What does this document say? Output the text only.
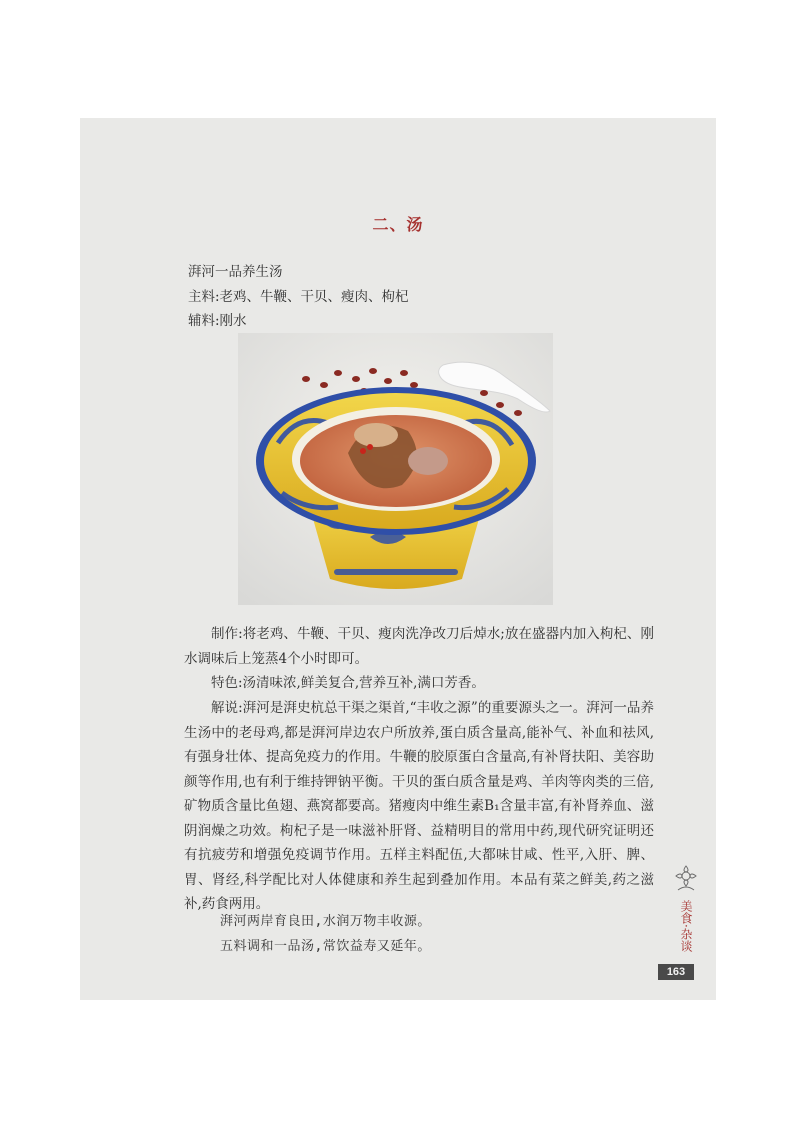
二、汤
湃河一品养生汤
主料:老鸡、牛鞭、干贝、瘦肉、枸杞
辅料:刚水

制作:将老鸡、牛鞭、干贝、瘦肉洗净改刀后焯水;放在盛器内加入枸杞、刚水调味后上笼蒸4个小时即可。

特色:汤清味浓,鲜美复合,营养互补,满口芳香。

解说:湃河是湃史杭总干渠之渠首,“丰收之源”的重要源头之一。湃河一品养生汤中的老母鸡,都是湃河岸边农户所放养,蛋白质含量高,能补气、补血和祛风,有强身壮体、提高免疫力的作用。牛鞭的胶原蛋白含量高,有补肾扶阳、美容助颜等作用,也有利于维持钾钠平衡。干贝的蛋白质含量是鸡、羊肉等肉类的三倍,矿物质含量比鱼翅、燕窝都要高。猪瘦肉中维生素B₁含量丰富,有补肾养血、滋阴润燥之功效。枸杞子是一味滋补肝肾、益精明目的常用中药,现代研究证明还有抗疲劳和增强免疫调节作用。五样主料配伍,大都味甘咸、性平,入肝、脾、胃、肾经,科学配比对人体健康和养生起到叠加作用。本品有菜之鲜美,药之滋补,药食两用。

湃河两岸育良田,水润万物丰收源。
五料调和一品汤,常饮益寿又延年。	美食·杂谈
163
